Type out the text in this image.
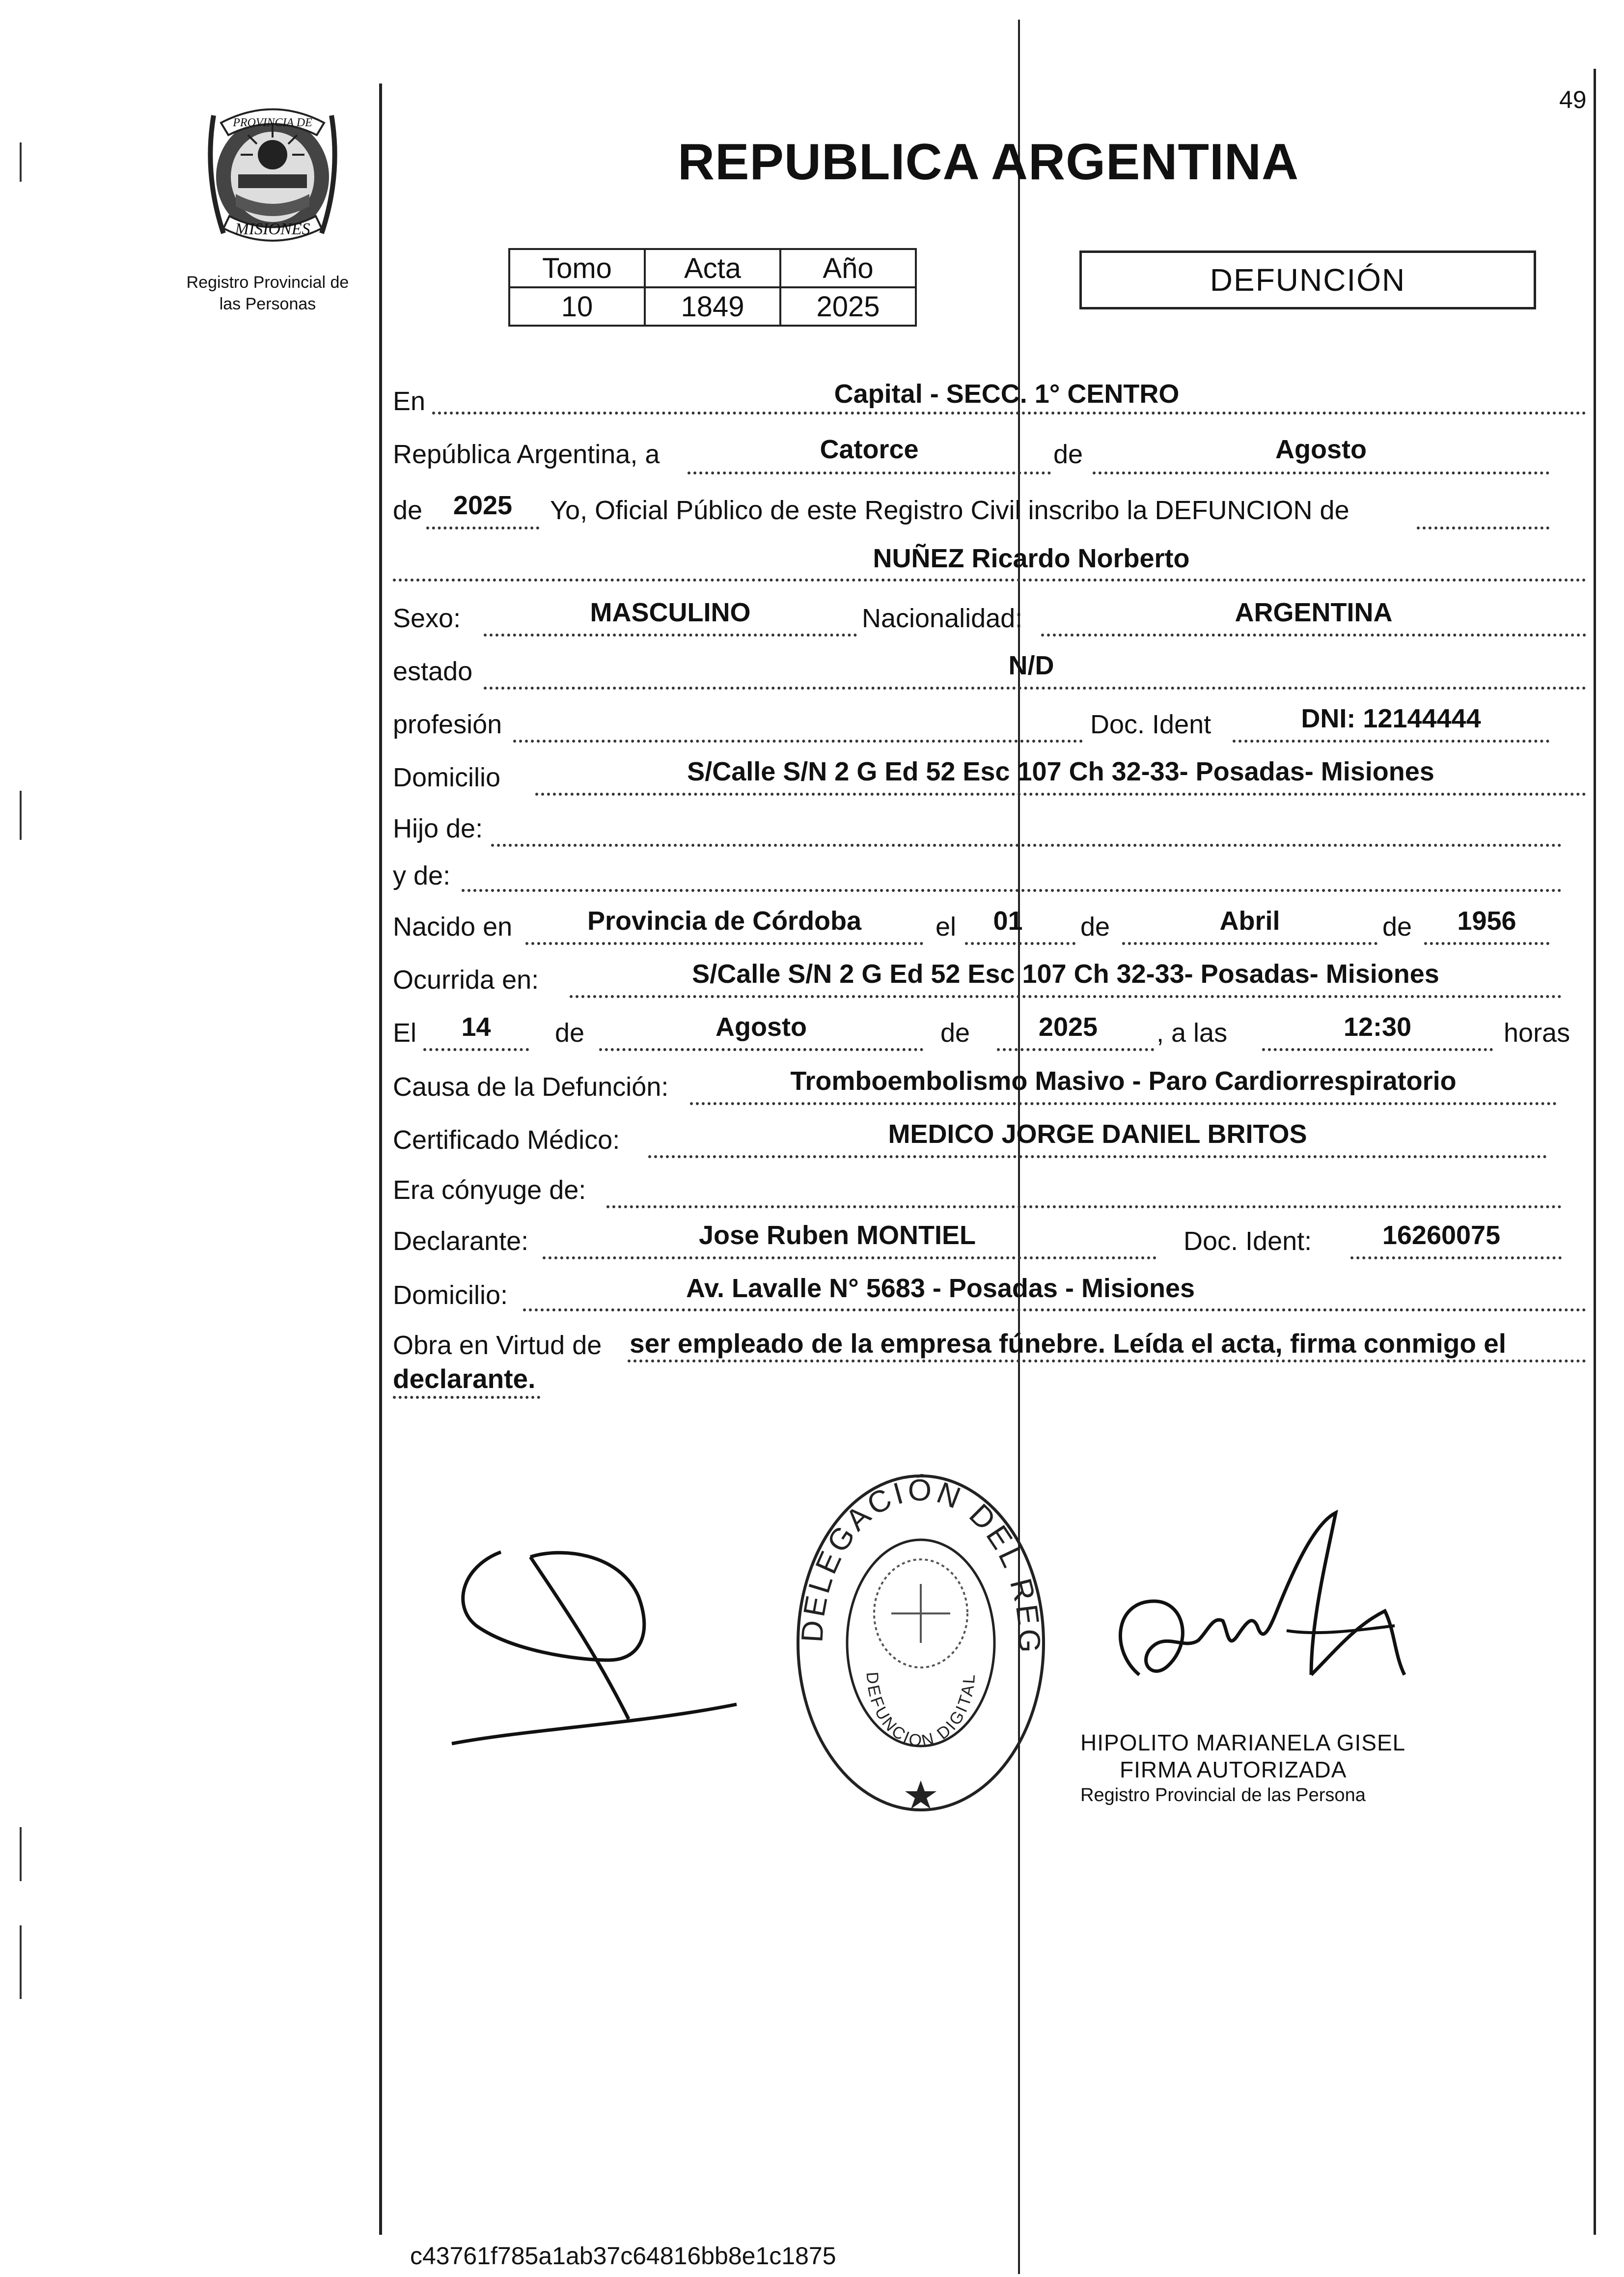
49
PROVINCIA DE
MISIONES
Registro Provincial de
las Personas
REPUBLICA ARGENTINA
Tomo	Acta	Año
10	1849	2025
DEFUNCIÓN
En	Capital - SECC. 1° CENTRO
República Argentina, a	Catorce	de	Agosto
de	2025	Yo, Oficial Público de este Registro Civil inscribo la DEFUNCION de
NUÑEZ Ricardo Norberto
Sexo:	MASCULINO	Nacionalidad:	ARGENTINA
estado	N/D
profesión	Doc. Ident	DNI: 12144444
Domicilio	S/Calle S/N 2 G Ed 52 Esc 107 Ch 32-33- Posadas- Misiones
Hijo de:
y de:
Nacido en	Provincia de Córdoba	el	01	de	Abril	de	1956
Ocurrida en:	S/Calle S/N 2 G Ed 52 Esc 107 Ch 32-33- Posadas- Misiones
El	14	de	Agosto	de	2025	, a las	12:30	horas
Causa de la Defunción:	Tromboembolismo Masivo - Paro Cardiorrespiratorio
Certificado Médico:	MEDICO JORGE DANIEL BRITOS
Era cónyuge de:
Declarante:	Jose Ruben MONTIEL	Doc. Ident:	16260075
Domicilio:	Av. Lavalle N° 5683 - Posadas - Misiones
Obra en Virtud de ser empleado de la empresa fúnebre. Leída el acta, firma conmigo el
declarante.
DELEGACIÓN DEL REG
DEFUNCION DIGITAL
HIPOLITO MARIANELA GISEL
FIRMA AUTORIZADA
Registro Provincial de las Persona
c43761f785a1ab37c64816bb8e1c1875
